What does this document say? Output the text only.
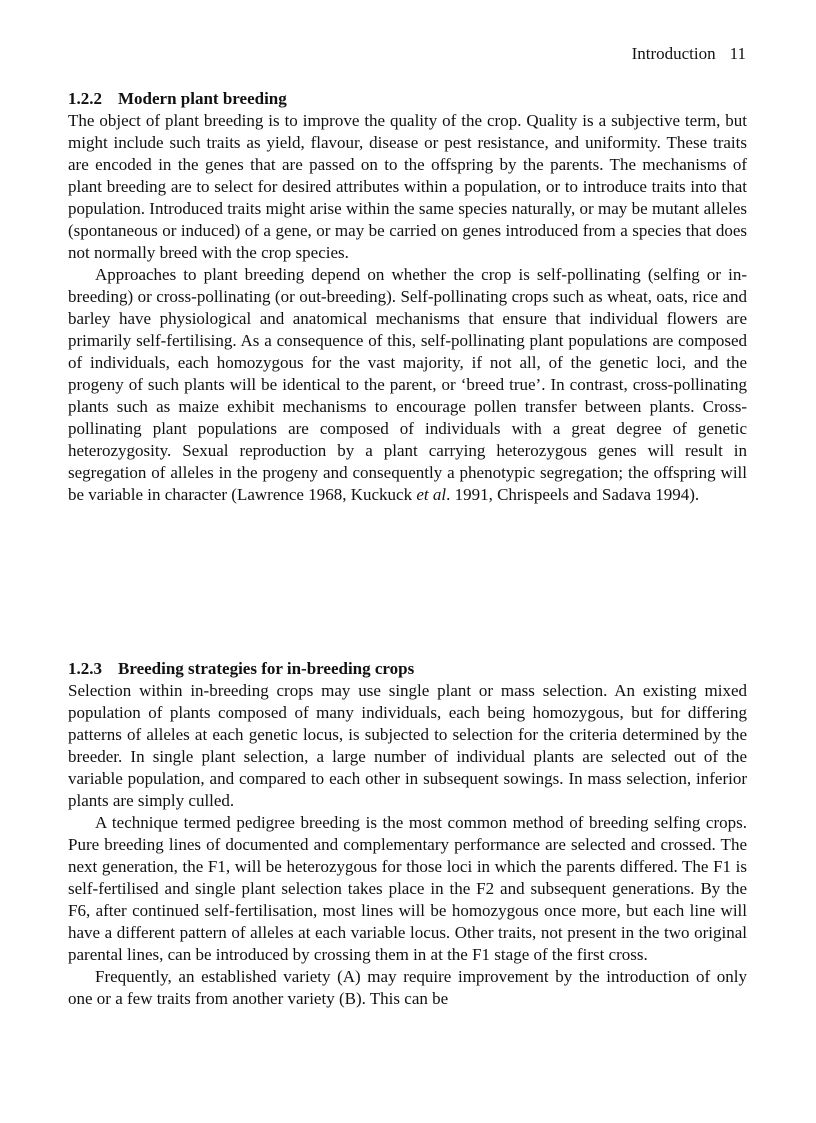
Introduction 11
1.2.2 Modern plant breeding

The object of plant breeding is to improve the quality of the crop. Quality is a subjective term, but might include such traits as yield, flavour, disease or pest resistance, and uniformity. These traits are encoded in the genes that are passed on to the offspring by the parents. The mechanisms of plant breeding are to select for desired attributes within a population, or to introduce traits into that population. Introduced traits might arise within the same species naturally, or may be mutant alleles (spontaneous or induced) of a gene, or may be carried on genes introduced from a species that does not normally breed with the crop species.

Approaches to plant breeding depend on whether the crop is self-pollinating (selfing or in-breeding) or cross-pollinating (or out-breeding). Self-pollinating crops such as wheat, oats, rice and barley have physiological and anatomical mechanisms that ensure that individual flowers are primarily self-fertilising. As a consequence of this, self-pollinating plant populations are composed of individuals, each homozygous for the vast majority, if not all, of the genetic loci, and the progeny of such plants will be identical to the parent, or ‘breed true’. In contrast, cross-pollinating plants such as maize exhibit mechanisms to encourage pollen transfer between plants. Cross-pollinating plant populations are composed of individuals with a great degree of genetic heterozygosity. Sexual reproduction by a plant carrying heterozygous genes will result in segregation of alleles in the progeny and consequently a phenotypic segregation; the offspring will be variable in character (Lawrence 1968, Kuckuck et al. 1991, Chrispeels and Sadava 1994).

1.2.3 Breeding strategies for in-breeding crops

Selection within in-breeding crops may use single plant or mass selection. An existing mixed population of plants composed of many individuals, each being homozygous, but for differing patterns of alleles at each genetic locus, is subjected to selection for the criteria determined by the breeder. In single plant selection, a large number of individual plants are selected out of the variable population, and compared to each other in subsequent sowings. In mass selection, inferior plants are simply culled.

A technique termed pedigree breeding is the most common method of breeding selfing crops. Pure breeding lines of documented and complementary performance are selected and crossed. The next generation, the F1, will be heterozygous for those loci in which the parents differed. The F1 is self-fertilised and single plant selection takes place in the F2 and subsequent generations. By the F6, after continued self-fertilisation, most lines will be homozygous once more, but each line will have a different pattern of alleles at each variable locus. Other traits, not present in the two original parental lines, can be introduced by crossing them in at the F1 stage of the first cross.

Frequently, an established variety (A) may require improvement by the introduction of only one or a few traits from another variety (B). This can be
